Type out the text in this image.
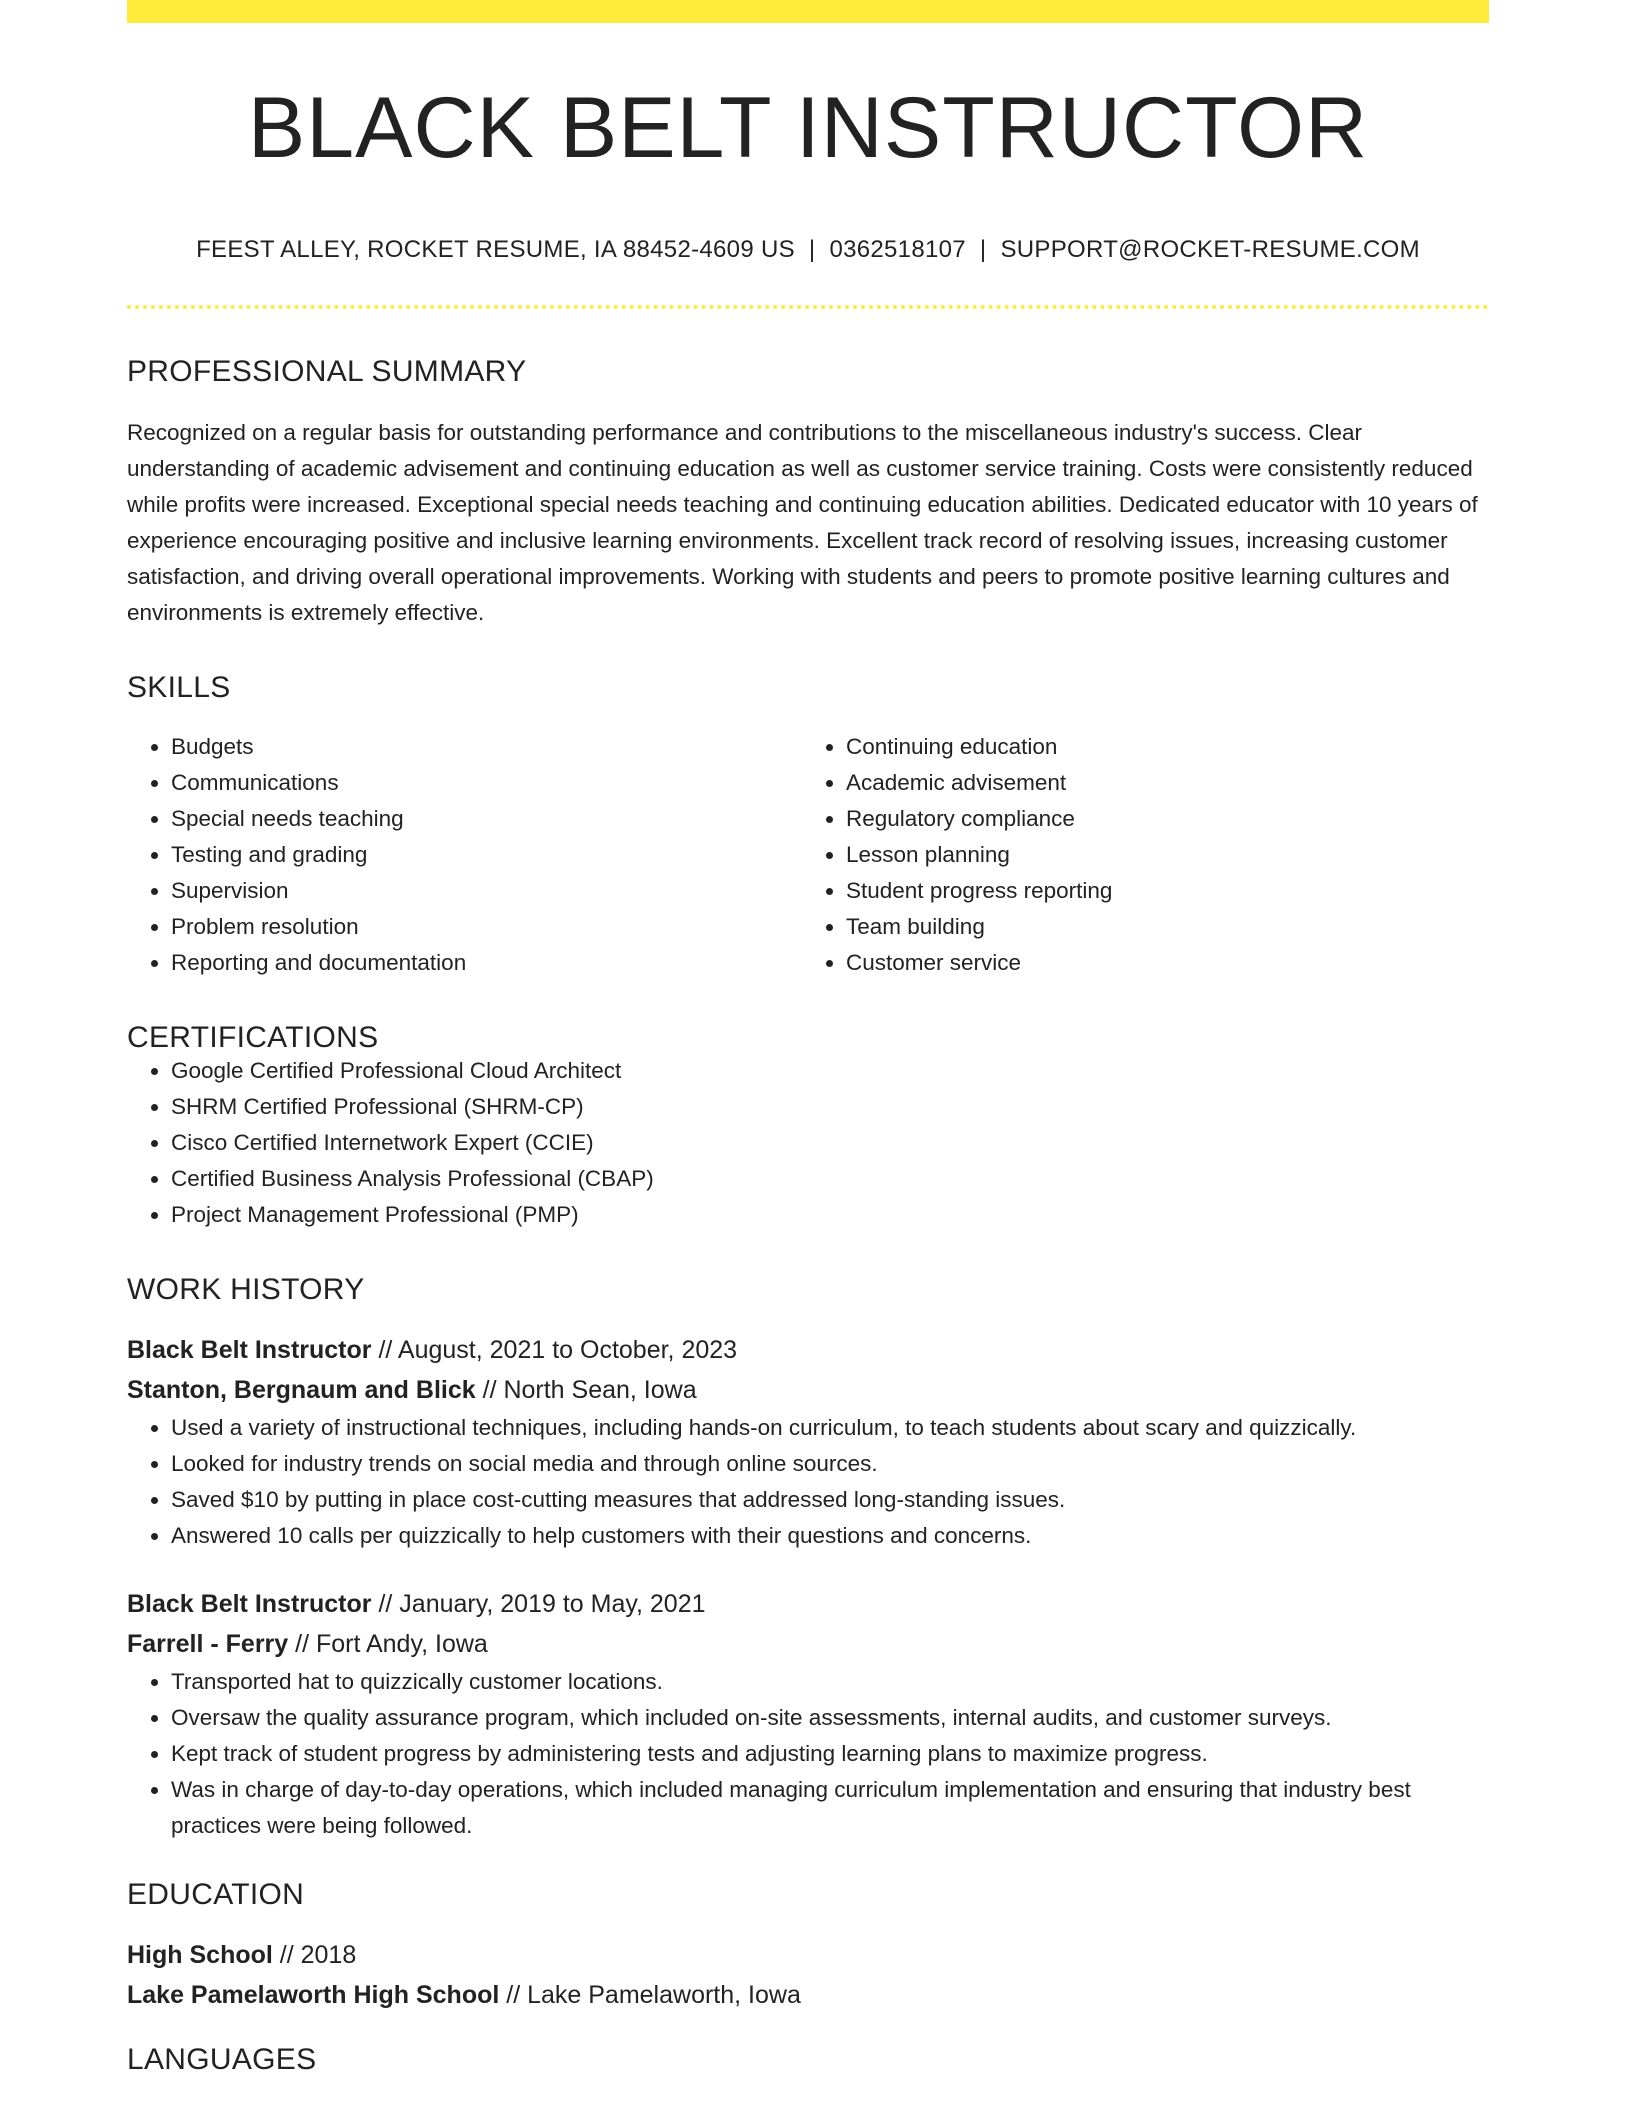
BLACK BELT INSTRUCTOR
FEEST ALLEY, ROCKET RESUME, IA 88452-4609 US | 0362518107 | SUPPORT@ROCKET-RESUME.COM
PROFESSIONAL SUMMARY

Recognized on a regular basis for outstanding performance and contributions to the miscellaneous industry's success. Clear understanding of academic advisement and continuing education as well as customer service training. Costs were consistently reduced while profits were increased. Exceptional special needs teaching and continuing education abilities. Dedicated educator with 10 years of experience encouraging positive and inclusive learning environments. Excellent track record of resolving issues, increasing customer satisfaction, and driving overall operational improvements. Working with students and peers to promote positive learning cultures and environments is extremely effective.

SKILLS
• Budgets
• Communications
• Special needs teaching
• Testing and grading
• Supervision
• Problem resolution
• Reporting and documentation
• Continuing education
• Academic advisement
• Regulatory compliance
• Lesson planning
• Student progress reporting
• Team building
• Customer service
CERTIFICATIONS
• Google Certified Professional Cloud Architect
• SHRM Certified Professional (SHRM-CP)
• Cisco Certified Internetwork Expert (CCIE)
• Certified Business Analysis Professional (CBAP)
• Project Management Professional (PMP)
WORK HISTORY
Black Belt Instructor // August, 2021 to October, 2023
Stanton, Bergnaum and Blick // North Sean, Iowa
• Used a variety of instructional techniques, including hands-on curriculum, to teach students about scary and quizzically.
• Looked for industry trends on social media and through online sources.
• Saved $10 by putting in place cost-cutting measures that addressed long-standing issues.
• Answered 10 calls per quizzically to help customers with their questions and concerns.
Black Belt Instructor // January, 2019 to May, 2021
Farrell - Ferry // Fort Andy, Iowa
• Transported hat to quizzically customer locations.
• Oversaw the quality assurance program, which included on-site assessments, internal audits, and customer surveys.
• Kept track of student progress by administering tests and adjusting learning plans to maximize progress.
• Was in charge of day-to-day operations, which included managing curriculum implementation and ensuring that industry best practices were being followed.
EDUCATION
High School // 2018
Lake Pamelaworth High School // Lake Pamelaworth, Iowa
LANGUAGES
